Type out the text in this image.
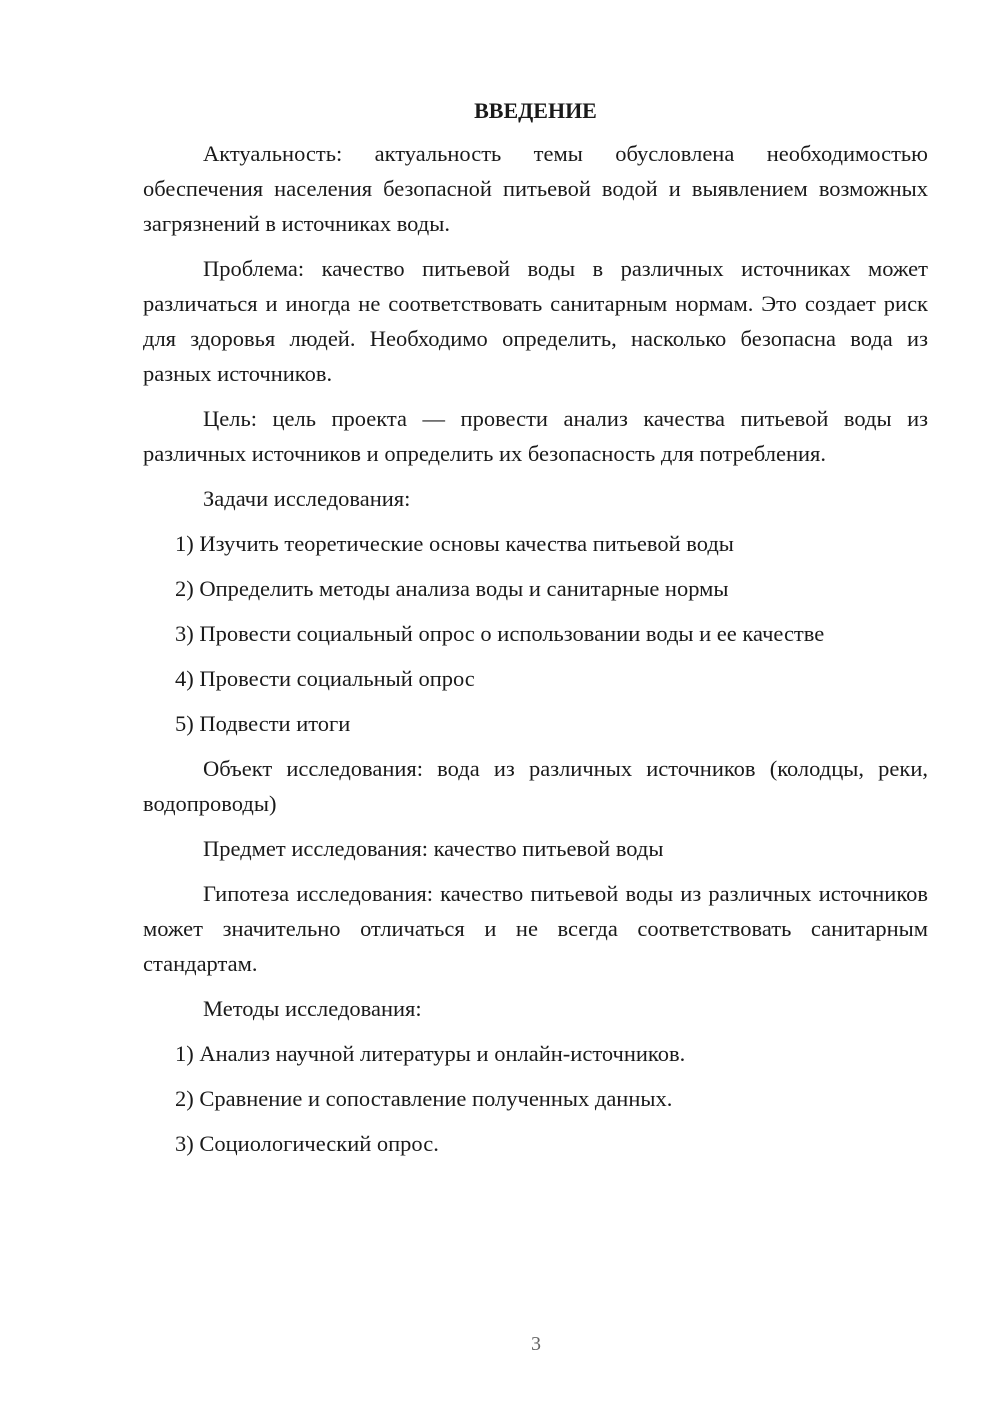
ВВЕДЕНИЕ

Актуальность: актуальность темы обусловлена необходимостью обеспечения населения безопасной питьевой водой и выявлением возможных загрязнений в источниках воды.

Проблема: качество питьевой воды в различных источниках может различаться и иногда не соответствовать санитарным нормам. Это создает риск для здоровья людей. Необходимо определить, насколько безопасна вода из разных источников.

Цель: цель проекта — провести анализ качества питьевой воды из различных источников и определить их безопасность для потребления.

Задачи исследования:

1) Изучить теоретические основы качества питьевой воды
2) Определить методы анализа воды и санитарные нормы
3) Провести социальный опрос о использовании воды и ее качестве
4) Провести социальный опрос
5) Подвести итоги

Объект исследования: вода из различных источников (колодцы, реки, водопроводы)

Предмет исследования: качество питьевой воды

Гипотеза исследования: качество питьевой воды из различных источников может значительно отличаться и не всегда соответствовать санитарным стандартам.

Методы исследования:

1) Анализ научной литературы и онлайн-источников.
2) Сравнение и сопоставление полученных данных.
3) Социологический опрос.
3
